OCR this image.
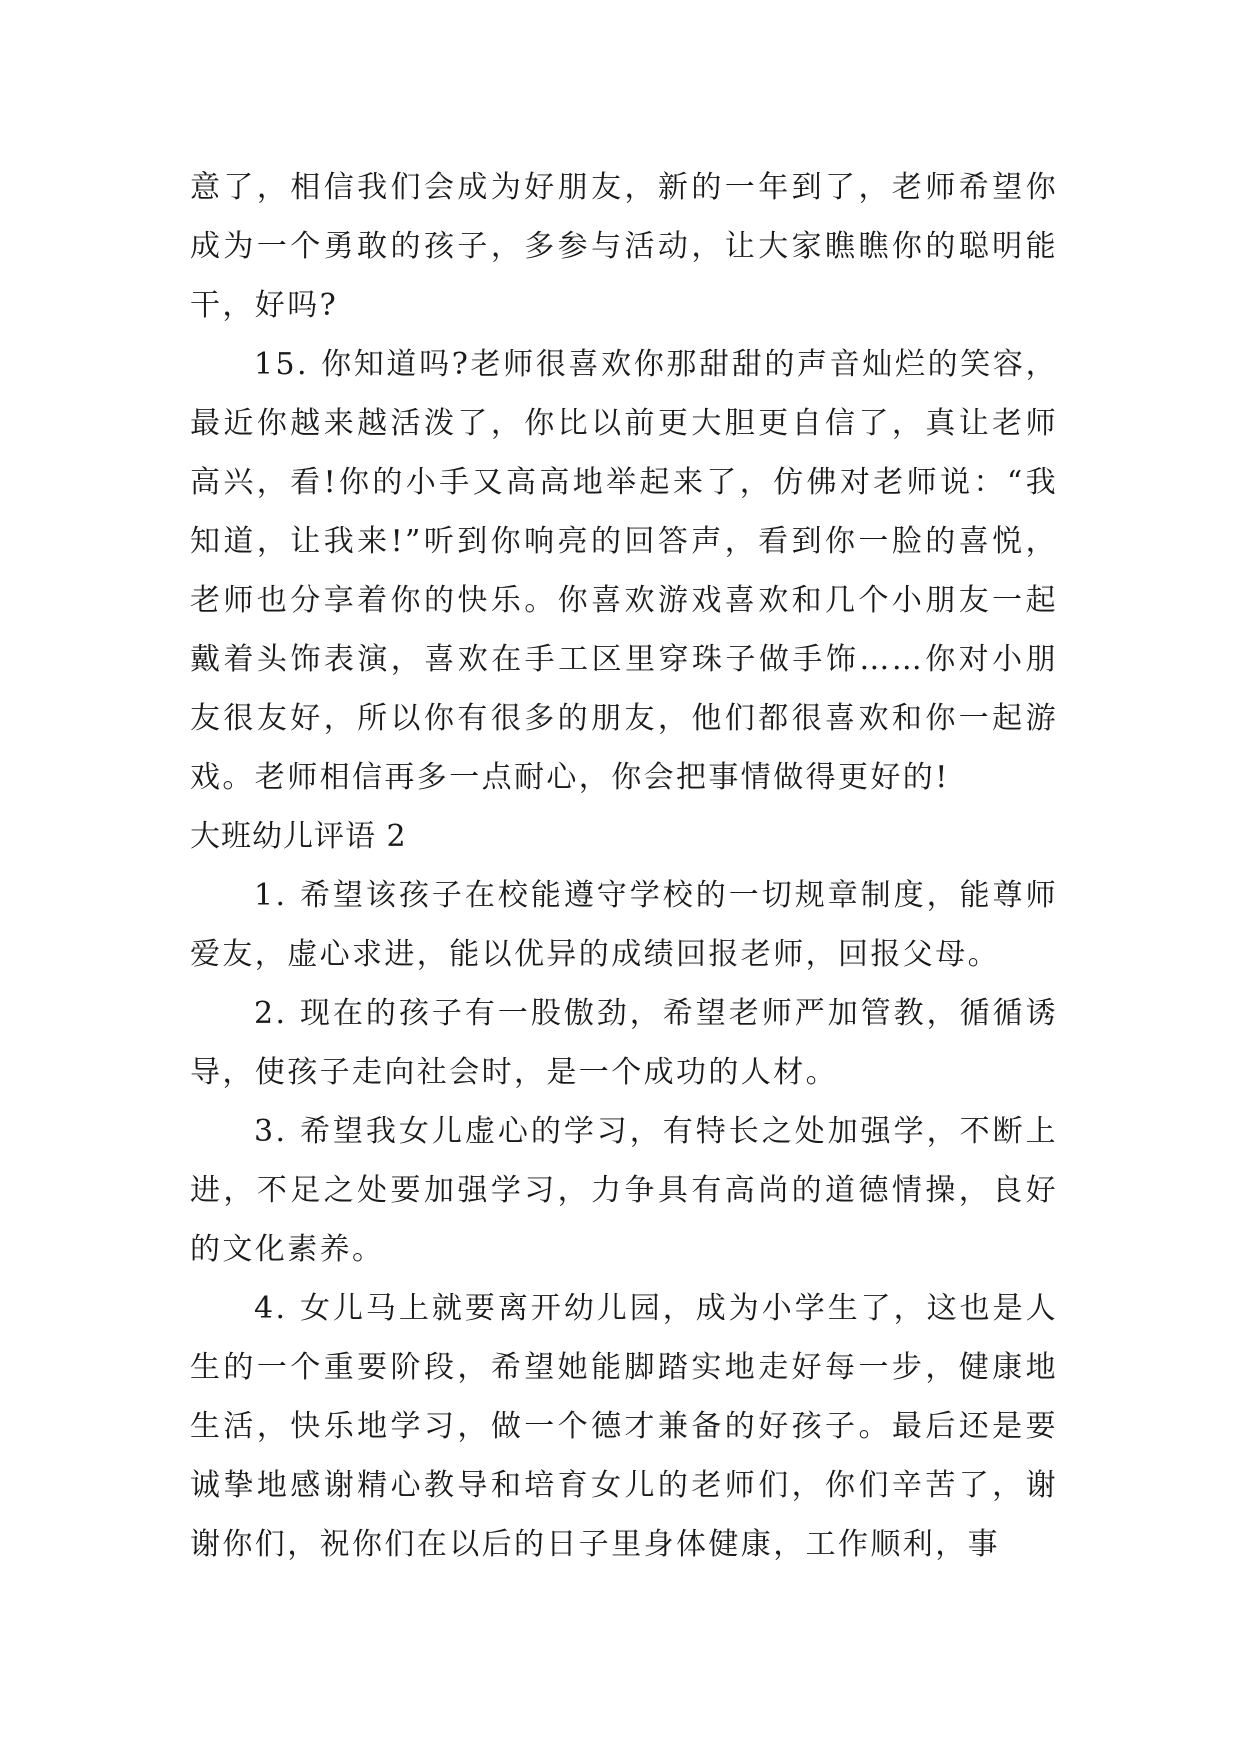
意了，相信我们会成为好朋友，新的一年到了，老师希望你成为一个勇敢的孩子，多参与活动，让大家瞧瞧你的聪明能干，好吗?

15. 你知道吗?老师很喜欢你那甜甜的声音灿烂的笑容，最近你越来越活泼了，你比以前更大胆更自信了，真让老师高兴，看!你的小手又高高地举起来了，仿佛对老师说：“我知道，让我来!”听到你响亮的回答声，看到你一脸的喜悦，老师也分享着你的快乐。你喜欢游戏喜欢和几个小朋友一起戴着头饰表演，喜欢在手工区里穿珠子做手饰……你对小朋友很友好，所以你有很多的朋友，他们都很喜欢和你一起游戏。老师相信再多一点耐心，你会把事情做得更好的!

大班幼儿评语 2

1. 希望该孩子在校能遵守学校的一切规章制度，能尊师爱友，虚心求进，能以优异的成绩回报老师，回报父母。

2. 现在的孩子有一股傲劲，希望老师严加管教，循循诱导，使孩子走向社会时，是一个成功的人材。

3. 希望我女儿虚心的学习，有特长之处加强学，不断上进，不足之处要加强学习，力争具有高尚的道德情操，良好的文化素养。

4. 女儿马上就要离开幼儿园，成为小学生了，这也是人生的一个重要阶段，希望她能脚踏实地走好每一步，健康地生活，快乐地学习，做一个德才兼备的好孩子。最后还是要诚挚地感谢精心教导和培育女儿的老师们，你们辛苦了，谢谢你们，祝你们在以后的日子里身体健康，工作顺利，事
